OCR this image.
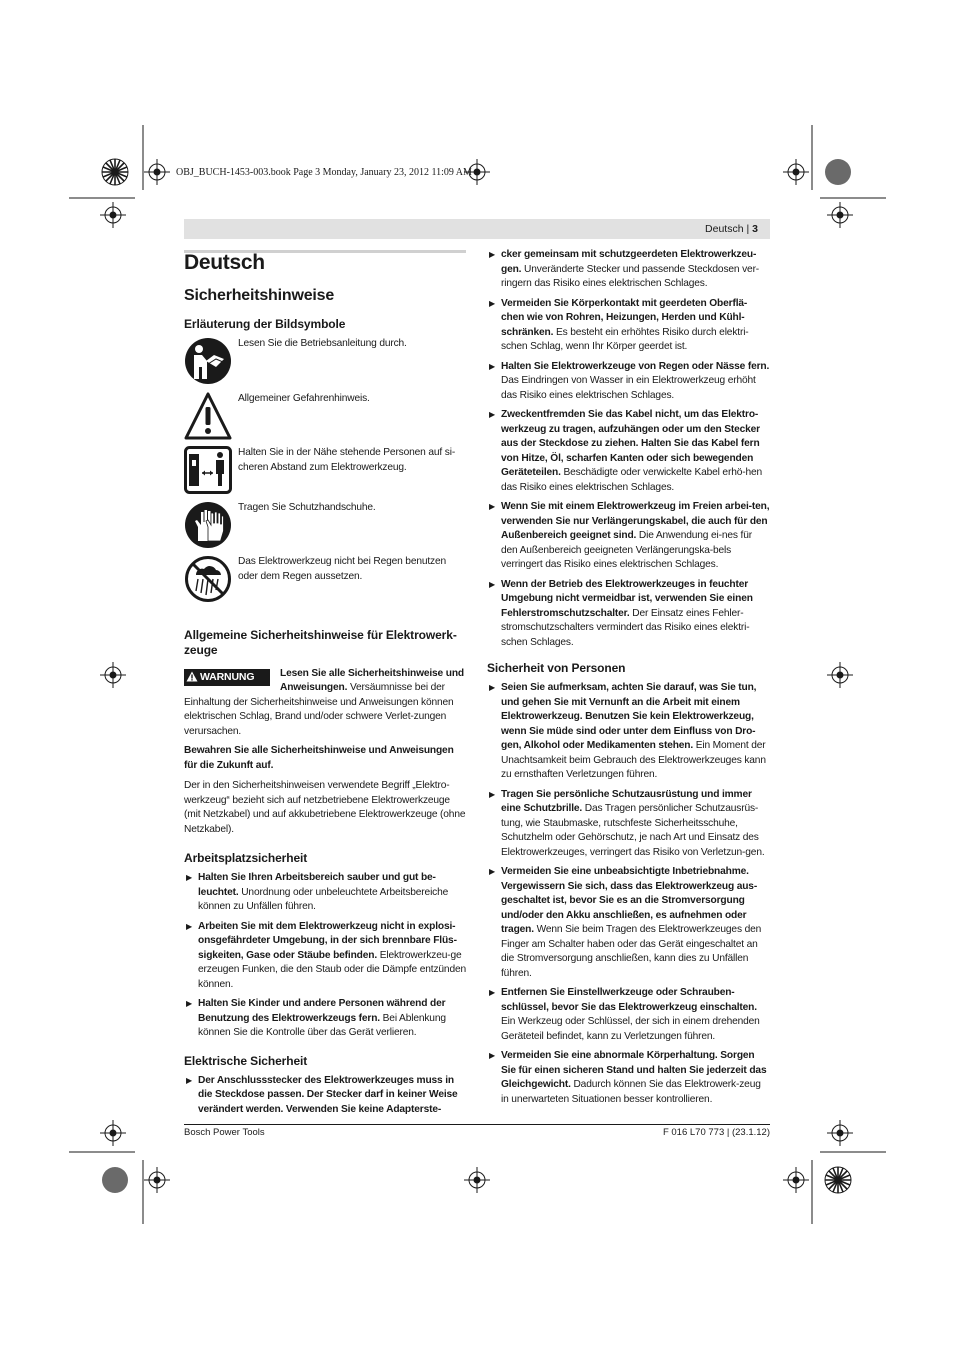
OBJ_BUCH-1453-003.book Page 3 Monday, January 23, 2012 11:09 AM
Deutsch | 3
Deutsch
Sicherheitshinweise
Erläuterung der Bildsymbole
Lesen Sie die Betriebsanleitung durch.
Allgemeiner Gefahrenhinweis.
Halten Sie in der Nähe stehende Personen auf si-cheren Abstand zum Elektrowerkzeug.
Tragen Sie Schutzhandschuhe.
Das Elektrowerkzeug nicht bei Regen benutzen oder dem Regen aussetzen.
Allgemeine Sicherheitshinweise für Elektrowerk-zeuge
WARNUNG	Lesen Sie alle Sicherheitshinweise und Anweisungen. Versäumnisse bei der Einhaltung der Sicherheitshinweise und Anweisungen können elektrischen Schlag, Brand und/oder schwere Verlet-zungen verursachen.

Bewahren Sie alle Sicherheitshinweise und Anweisungen für die Zukunft auf.

Der in den Sicherheitshinweisen verwendete Begriff „Elektro-werkzeug“ bezieht sich auf netzbetriebene Elektrowerkzeuge (mit Netzkabel) und auf akkubetriebene Elektrowerkzeuge (ohne Netzkabel).

Arbeitsplatzsicherheit
▶ Halten Sie Ihren Arbeitsbereich sauber und gut be-leuchtet. Unordnung oder unbeleuchtete Arbeitsbereiche können zu Unfällen führen.
▶ Arbeiten Sie mit dem Elektrowerkzeug nicht in explosi-onsgefährdeter Umgebung, in der sich brennbare Flüs-sigkeiten, Gase oder Stäube befinden. Elektrowerkzeu-ge erzeugen Funken, die den Staub oder die Dämpfe entzünden können.
▶ Halten Sie Kinder und andere Personen während der Benutzung des Elektrowerkzeugs fern. Bei Ablenkung können Sie die Kontrolle über das Gerät verlieren.
Elektrische Sicherheit
▶ Der Anschlussstecker des Elektrowerkzeuges muss in die Steckdose passen. Der Stecker darf in keiner Weise verändert werden. Verwenden Sie keine Adapterste-
▶ cker gemeinsam mit schutzgeerdeten Elektrowerkzeu-gen. Unveränderte Stecker und passende Steckdosen ver-ringern das Risiko eines elektrischen Schlages.
▶ Vermeiden Sie Körperkontakt mit geerdeten Oberflä-chen wie von Rohren, Heizungen, Herden und Kühl-schränken. Es besteht ein erhöhtes Risiko durch elektri-schen Schlag, wenn Ihr Körper geerdet ist.
▶ Halten Sie Elektrowerkzeuge von Regen oder Nässe fern. Das Eindringen von Wasser in ein Elektrowerkzeug erhöht das Risiko eines elektrischen Schlages.
▶ Zweckentfremden Sie das Kabel nicht, um das Elektro-werkzeug zu tragen, aufzuhängen oder um den Stecker aus der Steckdose zu ziehen. Halten Sie das Kabel fern von Hitze, Öl, scharfen Kanten oder sich bewegenden Geräteteilen. Beschädigte oder verwickelte Kabel erhö-hen das Risiko eines elektrischen Schlages.
▶ Wenn Sie mit einem Elektrowerkzeug im Freien arbei-ten, verwenden Sie nur Verlängerungskabel, die auch für den Außenbereich geeignet sind. Die Anwendung ei-nes für den Außenbereich geeigneten Verlängerungska-bels verringert das Risiko eines elektrischen Schlages.
▶ Wenn der Betrieb des Elektrowerkzeuges in feuchter Umgebung nicht vermeidbar ist, verwenden Sie einen Fehlerstromschutzschalter. Der Einsatz eines Fehler-stromschutzschalters vermindert das Risiko eines elektri-schen Schlages.
Sicherheit von Personen
▶ Seien Sie aufmerksam, achten Sie darauf, was Sie tun, und gehen Sie mit Vernunft an die Arbeit mit einem Elektrowerkzeug. Benutzen Sie kein Elektrowerkzeug, wenn Sie müde sind oder unter dem Einfluss von Dro-gen, Alkohol oder Medikamenten stehen. Ein Moment der Unachtsamkeit beim Gebrauch des Elektrowerkzeuges kann zu ernsthaften Verletzungen führen.
▶ Tragen Sie persönliche Schutzausrüstung und immer eine Schutzbrille. Das Tragen persönlicher Schutzausrüs-tung, wie Staubmaske, rutschfeste Sicherheitsschuhe, Schutzhelm oder Gehörschutz, je nach Art und Einsatz des Elektrowerkzeuges, verringert das Risiko von Verletzun-gen.
▶ Vermeiden Sie eine unbeabsichtigte Inbetriebnahme. Vergewissern Sie sich, dass das Elektrowerkzeug aus-geschaltet ist, bevor Sie es an die Stromversorgung und/oder den Akku anschließen, es aufnehmen oder tragen. Wenn Sie beim Tragen des Elektrowerkzeuges den Finger am Schalter haben oder das Gerät eingeschaltet an die Stromversorgung anschließen, kann dies zu Unfällen führen.
▶ Entfernen Sie Einstellwerkzeuge oder Schrauben-schlüssel, bevor Sie das Elektrowerkzeug einschalten. Ein Werkzeug oder Schlüssel, der sich in einem drehenden Geräteteil befindet, kann zu Verletzungen führen.
▶ Vermeiden Sie eine abnormale Körperhaltung. Sorgen Sie für einen sicheren Stand und halten Sie jederzeit das Gleichgewicht. Dadurch können Sie das Elektrowerk-zeug in unerwarteten Situationen besser kontrollieren.
Bosch Power Tools	F 016 L70 773 | (23.1.12)
